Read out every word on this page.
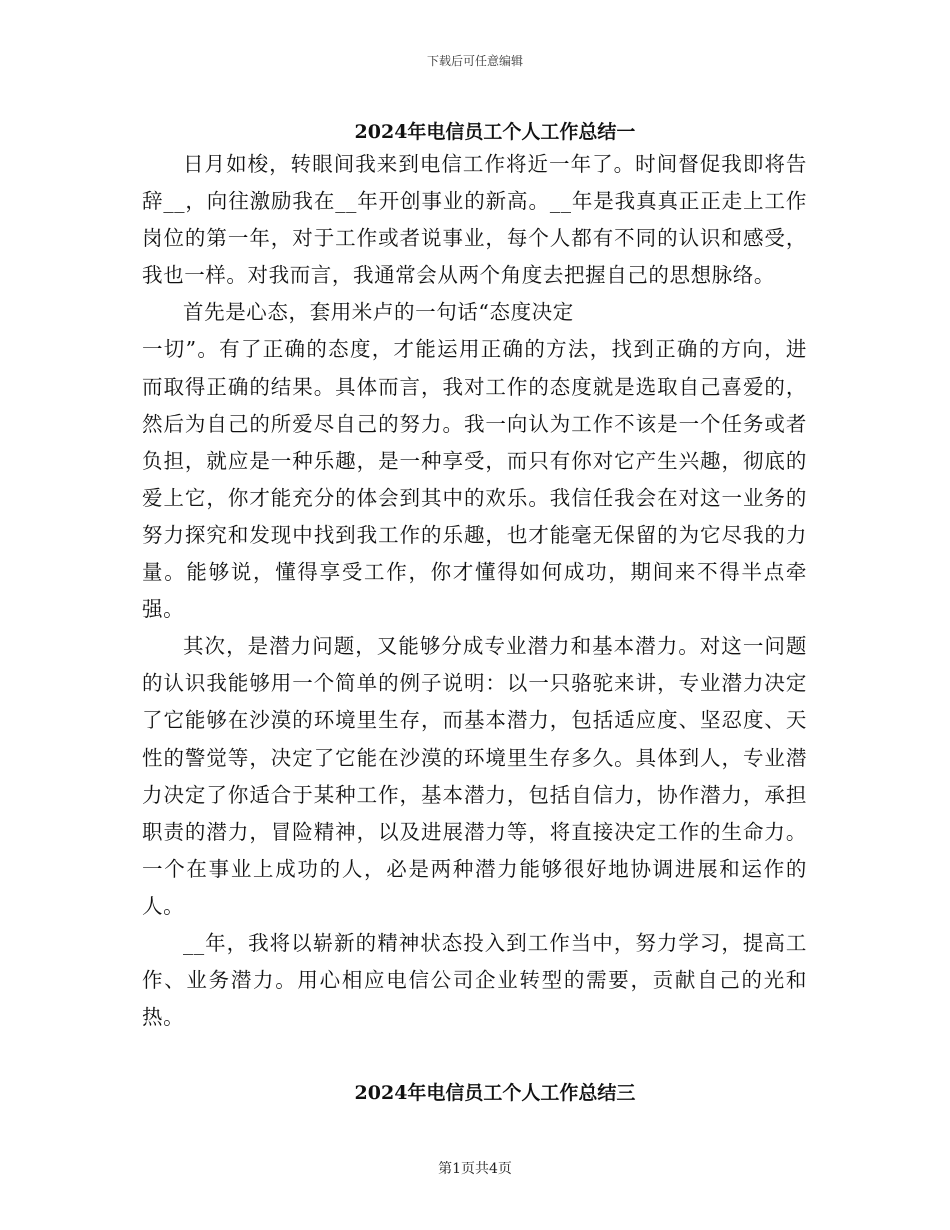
下载后可任意编辑
2024年电信员工个人工作总结一

日月如梭，转眼间我来到电信工作将近一年了。时间督促我即将告辞__，向往激励我在__年开创事业的新高。__年是我真真正正走上工作岗位的第一年，对于工作或者说事业，每个人都有不同的认识和感受，我也一样。对我而言，我通常会从两个角度去把握自己的思想脉络。

首先是心态，套用米卢的一句话“态度决定

一切”。有了正确的态度，才能运用正确的方法，找到正确的方向，进而取得正确的结果。具体而言，我对工作的态度就是选取自己喜爱的，然后为自己的所爱尽自己的努力。我一向认为工作不该是一个任务或者负担，就应是一种乐趣，是一种享受，而只有你对它产生兴趣，彻底的爱上它，你才能充分的体会到其中的欢乐。我信任我会在对这一业务的努力探究和发现中找到我工作的乐趣，也才能毫无保留的为它尽我的力量。能够说，懂得享受工作，你才懂得如何成功，期间来不得半点牵强。

其次，是潜力问题，又能够分成专业潜力和基本潜力。对这一问题的认识我能够用一个简单的例子说明：以一只骆驼来讲，专业潜力决定了它能够在沙漠的环境里生存，而基本潜力，包括适应度、坚忍度、天性的警觉等，决定了它能在沙漠的环境里生存多久。具体到人，专业潜力决定了你适合于某种工作，基本潜力，包括自信力，协作潜力，承担职责的潜力，冒险精神，以及进展潜力等，将直接决定工作的生命力。一个在事业上成功的人，必是两种潜力能够很好地协调进展和运作的人。

__年，我将以崭新的精神状态投入到工作当中，努力学习，提高工作、业务潜力。用心相应电信公司企业转型的需要，贡献自己的光和热。

2024年电信员工个人工作总结三
第1页共4页
